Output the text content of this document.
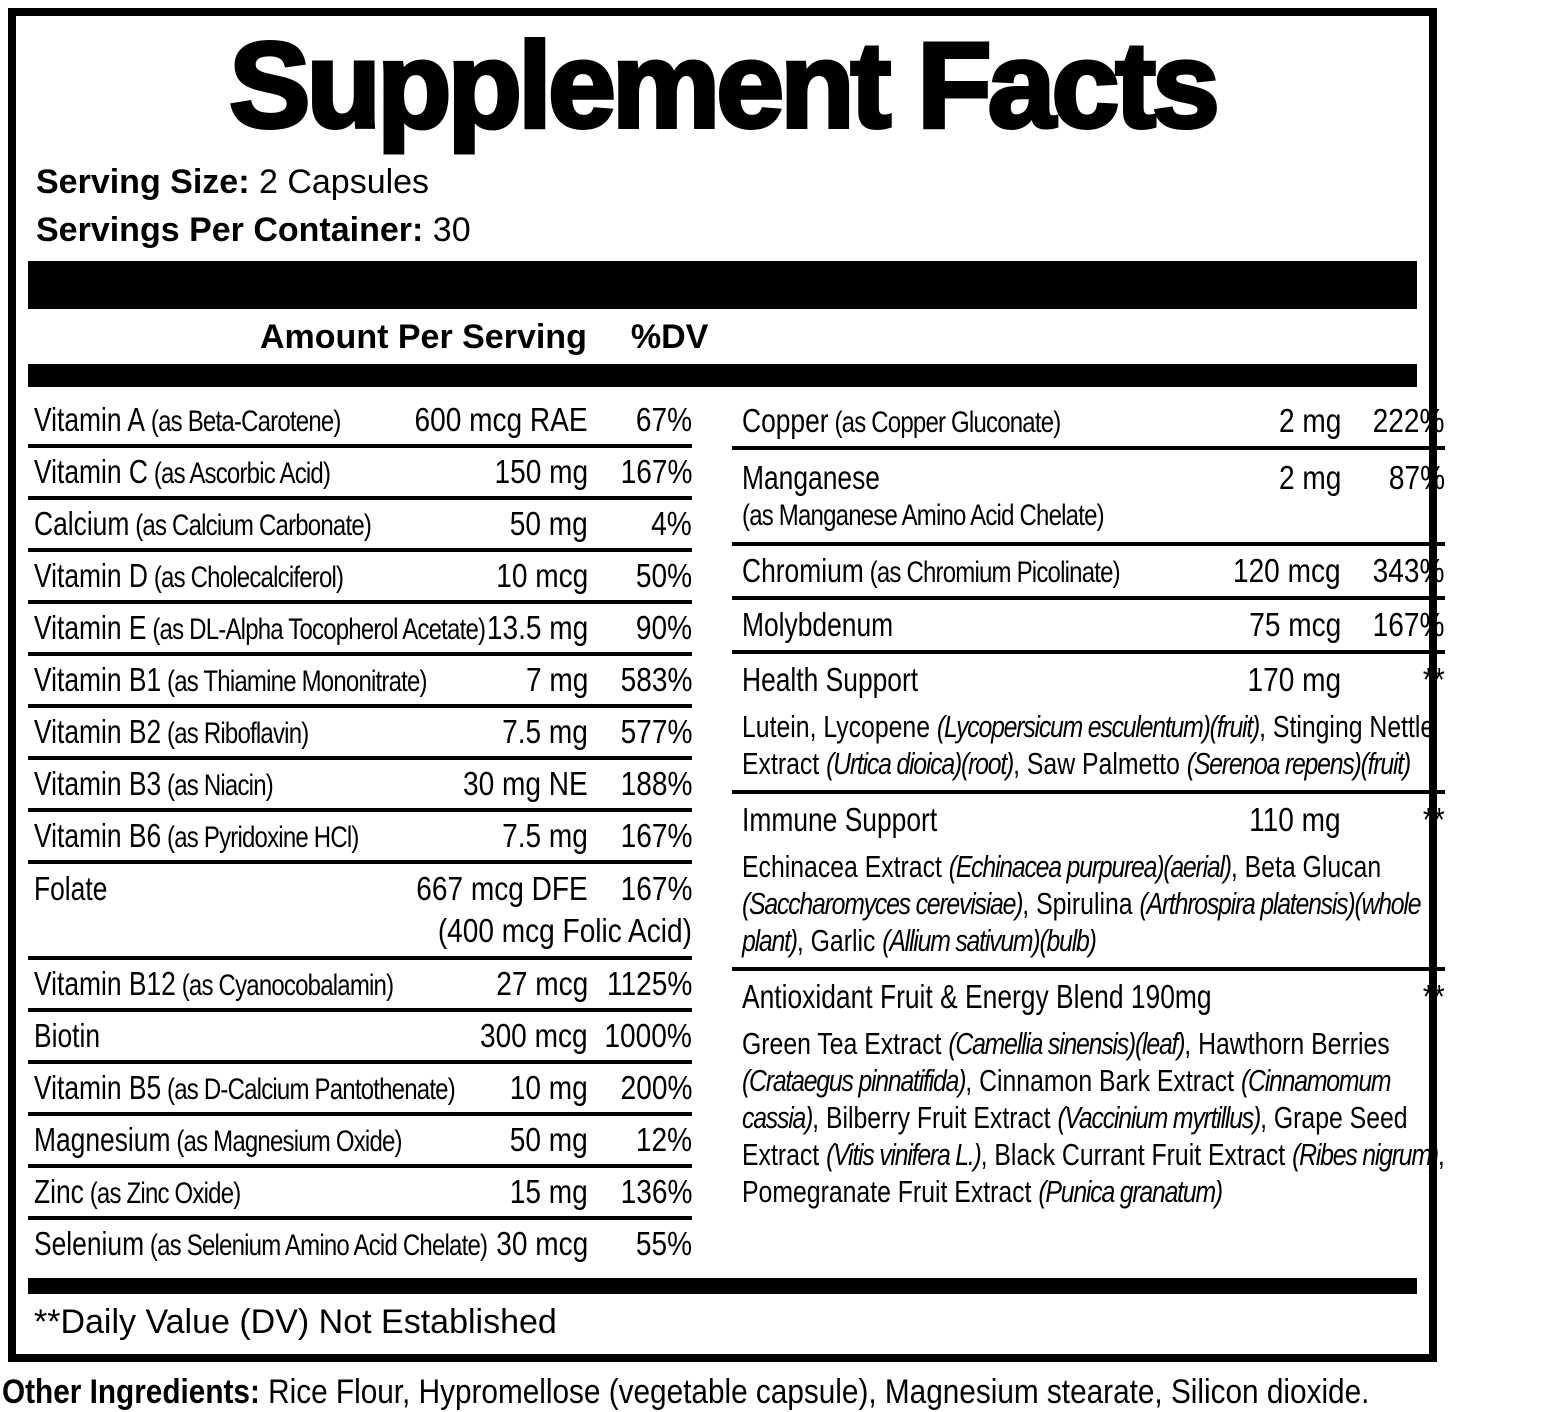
Supplement Facts
Serving Size: 2 Capsules
Servings Per Container: 30
Amount Per Serving %DV
Vitamin A (as Beta-Carotene)	600 mcg RAE	67%
Vitamin C (as Ascorbic Acid)	150 mg 167%
Calcium (as Calcium Carbonate)	50 mg	4%
Vitamin D (as Cholecalciferol)	10 mcg	50%
Vitamin E (as DL-Alpha Tocopherol Acetate) 13.5 mg	90%
Vitamin B1 (as Thiamine Mononitrate)	7 mg 583%
Vitamin B2 (as Riboflavin)	7.5 mg 577%
Vitamin B3 (as Niacin)	30 mg NE 188%
Vitamin B6 (as Pyridoxine HCl)	7.5 mg 167%
Folate	667 mcg DFE 167%
(400 mcg Folic Acid)
Vitamin B12 (as Cyanocobalamin)	27 mcg 1125%
Biotin	300 mcg 1000%
Vitamin B5 (as D-Calcium Pantothenate)	10 mg 200%
Magnesium (as Magnesium Oxide)	50 mg	12%
Zinc (as Zinc Oxide)	15 mg 136%
Selenium (as Selenium Amino Acid Chelate) 30 mcg	55%
Copper (as Copper Gluconate)	2 mg 222%
Manganese	2 mg	87%
(as Manganese Amino Acid Chelate)
Chromium (as Chromium Picolinate)	120 mcg 343%
Molybdenum	75 mcg 167%
Health Support	170 mg	**

Lutein, Lycopene (Lycopersicum esculentum)(fruit), Stinging Nettle Extract (Urtica dioica)(root), Saw Palmetto (Serenoa repens)(fruit)

Immune Support	110 mg	**

Echinacea Extract (Echinacea purpurea)(aerial), Beta Glucan (Saccharomyces cerevisiae), Spirulina (Arthrospira platensis)(whole plant), Garlic (Allium sativum)(bulb)

Antioxidant Fruit & Energy Blend 190mg	**

Green Tea Extract (Camellia sinensis)(leaf), Hawthorn Berries (Crataegus pinnatifida), Cinnamon Bark Extract (Cinnamomum cassia), Bilberry Fruit Extract (Vaccinium myrtillus), Grape Seed Extract (Vitis vinifera L.), Black Currant Fruit Extract (Ribes nigrum), Pomegranate Fruit Extract (Punica granatum)

**Daily Value (DV) Not Established
Other Ingredients: Rice Flour, Hypromellose (vegetable capsule), Magnesium stearate, Silicon dioxide.
